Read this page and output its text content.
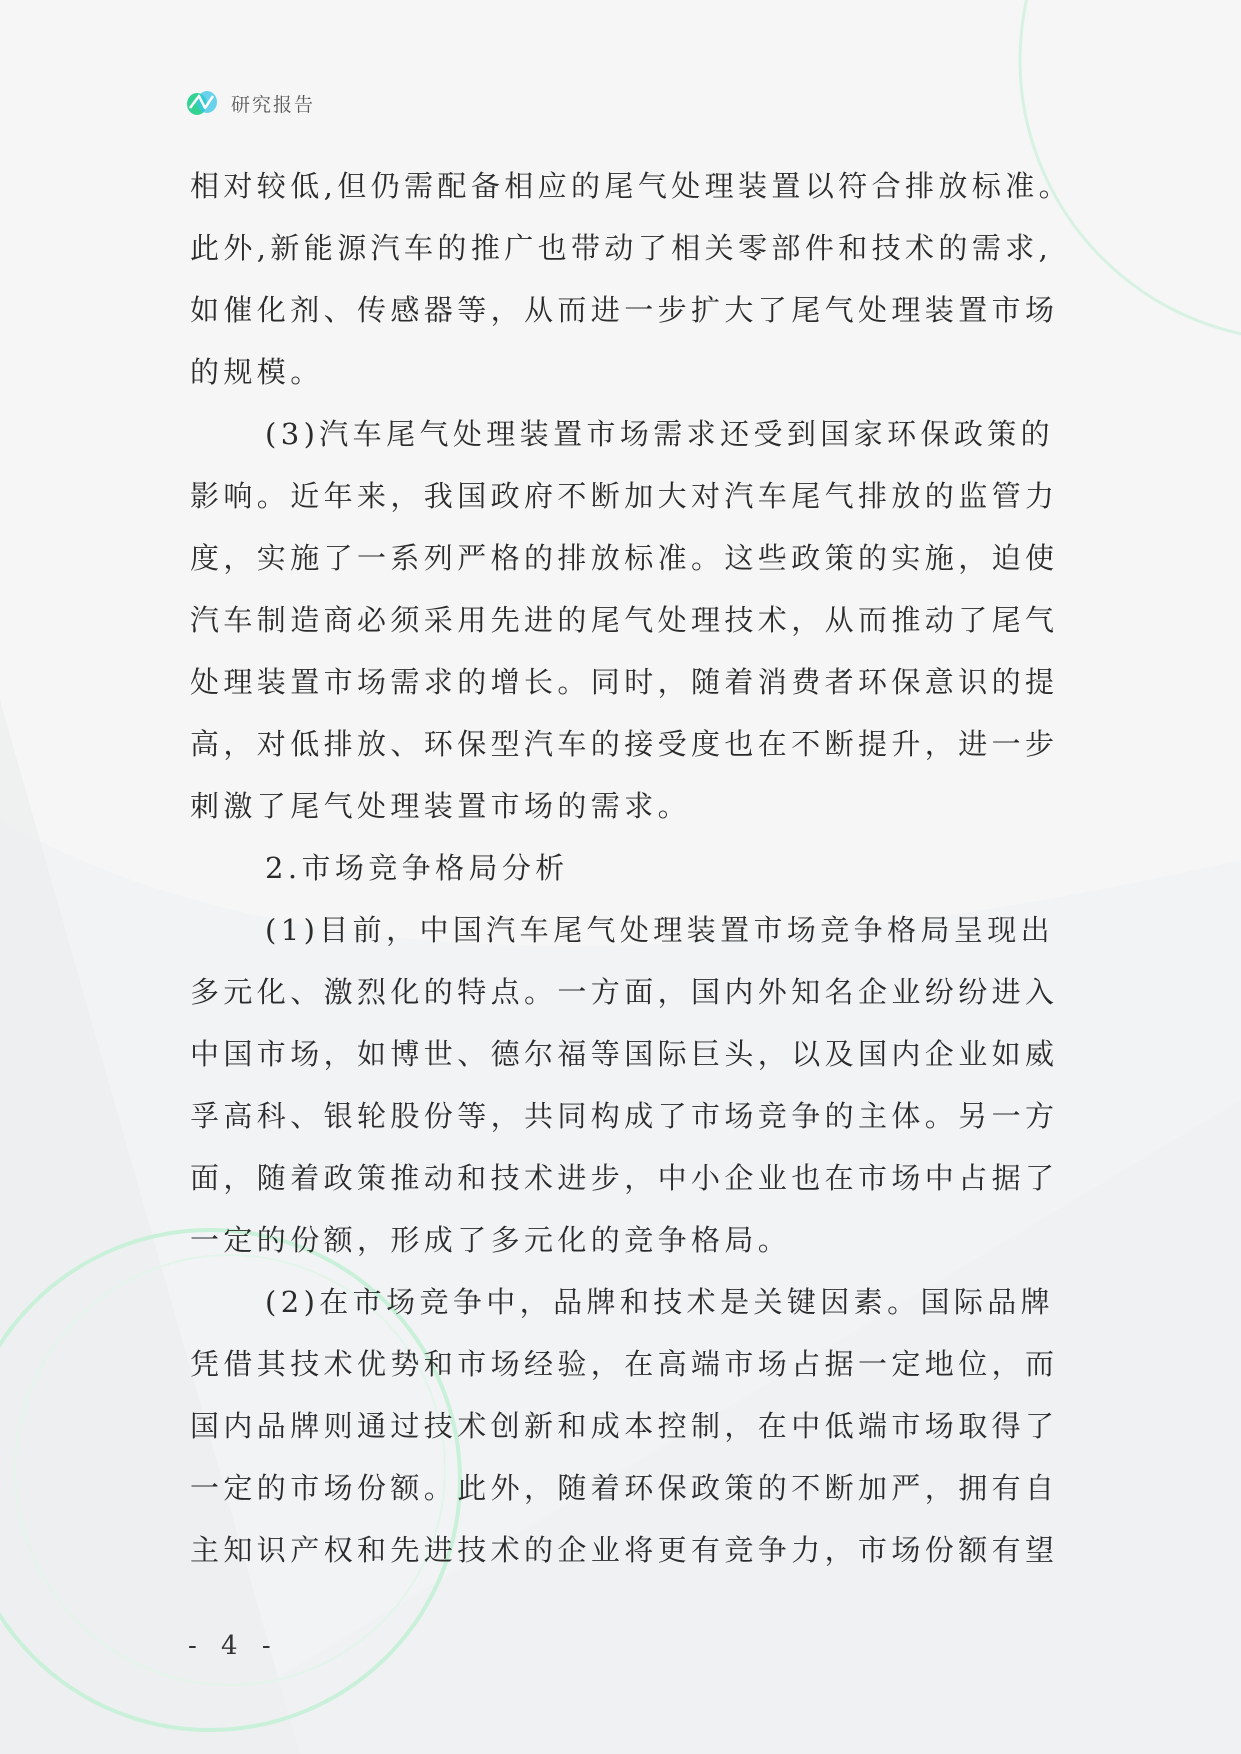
研究报告
相对较低,但仍需配备相应的尾气处理装置以符合排放标准。
此外,新能源汽车的推广也带动了相关零部件和技术的需求,
如催化剂、传感器等，从而进一步扩大了尾气处理装置市场
的规模。
(3)汽车尾气处理装置市场需求还受到国家环保政策的
影响。近年来，我国政府不断加大对汽车尾气排放的监管力
度，实施了一系列严格的排放标准。这些政策的实施，迫使
汽车制造商必须采用先进的尾气处理技术，从而推动了尾气
处理装置市场需求的增长。同时，随着消费者环保意识的提
高，对低排放、环保型汽车的接受度也在不断提升，进一步
刺激了尾气处理装置市场的需求。
2.市场竞争格局分析
(1)目前，中国汽车尾气处理装置市场竞争格局呈现出
多元化、激烈化的特点。一方面，国内外知名企业纷纷进入
中国市场，如博世、德尔福等国际巨头，以及国内企业如威
孚高科、银轮股份等，共同构成了市场竞争的主体。另一方
面，随着政策推动和技术进步，中小企业也在市场中占据了
一定的份额，形成了多元化的竞争格局。
(2)在市场竞争中，品牌和技术是关键因素。国际品牌
凭借其技术优势和市场经验，在高端市场占据一定地位，而
国内品牌则通过技术创新和成本控制，在中低端市场取得了
一定的市场份额。此外，随着环保政策的不断加严，拥有自
主知识产权和先进技术的企业将更有竞争力，市场份额有望
- 4 -
